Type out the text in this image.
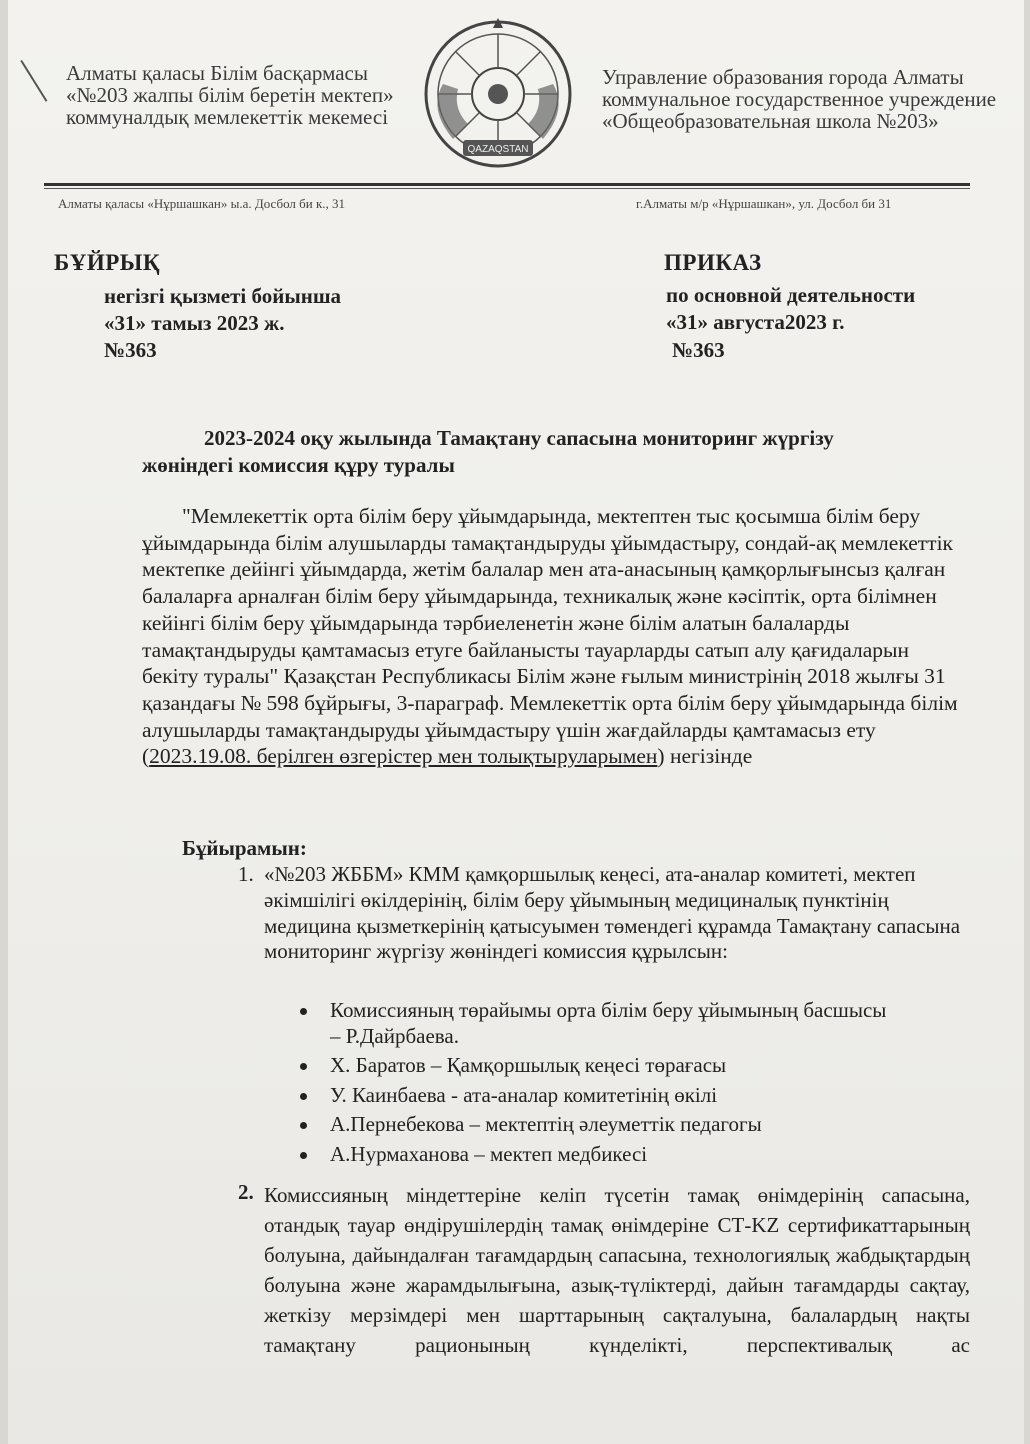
Алматы қаласы Білім басқармасы
«№203 жалпы білім беретін мектеп»
коммуналдық мемлекеттік мекемесі
QAZAQSTAN
Управление образования города Алматы
коммунальное государственное учреждение
«Общеобразовательная школа №203»
Алматы қаласы «Нұршашкан» ы.а. Досбол би к., 31	г.Алматы м/р «Нұршашкан», ул. Досбол би 31
БҰЙРЫҚ
негізгі қызметі бойынша
«31» тамыз 2023 ж.
№363
ПРИКАЗ
по основной деятельности
«31» августа2023 г.
№363
2023-2024 оқу жылында Тамақтану сапасына мониторинг жүргізу
жөніндегі комиссия құру туралы
"Мемлекеттік орта білім беру ұйымдарында, мектептен тыс қосымша білім беру ұйымдарында білім алушыларды тамақтандыруды ұйымдастыру, сондай-ақ мемлекеттік мектепке дейінгі ұйымдарда, жетім балалар мен ата-анасының қамқорлығынсыз қалған балаларға арналған білім беру ұйымдарында, техникалық және кәсіптік, орта білімнен кейінгі білім беру ұйымдарында тәрбиеленетін және білім алатын балаларды тамақтандыруды қамтамасыз етуге байланысты тауарларды сатып алу қағидаларын бекіту туралы" Қазақстан Республикасы Білім және ғылым министрінің 2018 жылғы 31 қазандағы № 598 бұйрығы, 3-параграф. Мемлекеттік орта білім беру ұйымдарында білім алушыларды тамақтандыруды ұйымдастыру үшін жағдайларды қамтамасыз ету (2023.19.08. берілген өзгерістер мен толықтыруларымен) негізінде
Бұйырамын:
1. «№203 ЖББМ» КММ қамқоршылық кеңесі, ата-аналар комитеті, мектеп әкімшілігі өкілдерінің, білім беру ұйымының медициналық пунктінің медицина қызметкерінің қатысуымен төмендегі құрамда Тамақтану сапасына мониторинг жүргізу жөніндегі комиссия құрылсын:
Комиссияның төрайымы орта білім беру ұйымының басшысы – Р.Дайрбаева.
Х. Баратов – Қамқоршылық кеңесі төрағасы
У. Каинбаева - ата-аналар комитетінің өкілі
А.Пернебекова – мектептің әлеуметтік педагогы
А.Нурмаханова – мектеп медбикесі
2. Комиссияның міндеттеріне келіп түсетін тамақ өнімдерінің сапасына, отандық тауар өндірушілердің тамақ өнімдеріне СТ-KZ сертификаттарының болуына, дайындалған тағамдардың сапасына, технологиялық жабдықтардың болуына және жарамдылығына, азық-түліктерді, дайын тағамдарды сақтау, жеткізу мерзімдері мен шарттарының сақталуына, балалардың нақты тамақтану рационының күнделікті, перспективалық ас
